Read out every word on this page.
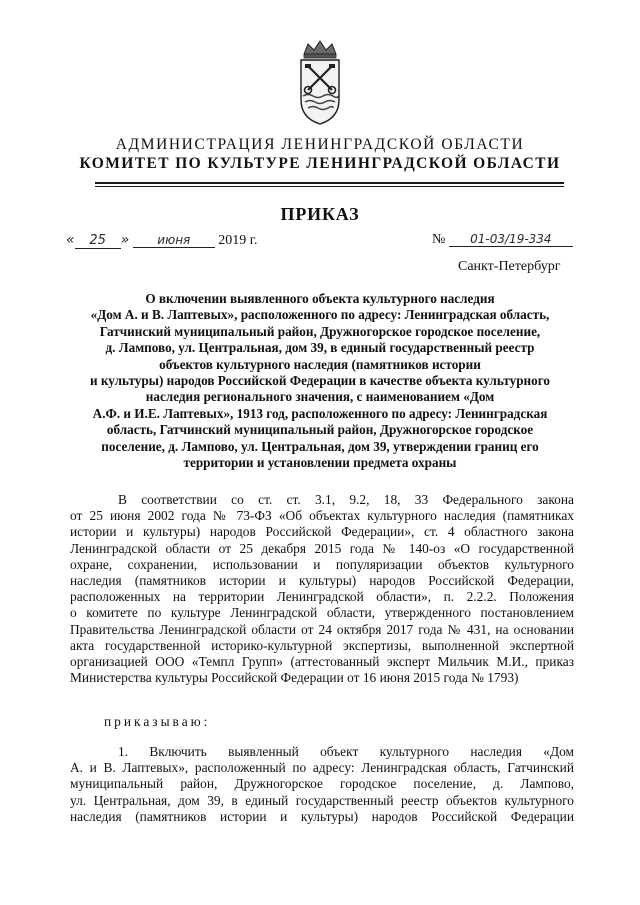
АДМИНИСТРАЦИЯ ЛЕНИНГРАДСКОЙ ОБЛАСТИ
КОМИТЕТ ПО КУЛЬТУРЕ ЛЕНИНГРАДСКОЙ ОБЛАСТИ
ПРИКАЗ
« 25 » июня 2019 г.	№ 01-03/19-334
Санкт-Петербург
О включении выявленного объекта культурного наследия
«Дом А. и В. Лаптевых», расположенного по адресу: Ленинградская область,
Гатчинский муниципальный район, Дружногорское городское поселение,
д. Лампово, ул. Центральная, дом 39, в единый государственный реестр
объектов культурного наследия (памятников истории
и культуры) народов Российской Федерации в качестве объекта культурного
наследия регионального значения, с наименованием «Дом
А.Ф. и И.Е. Лаптевых», 1913 год, расположенного по адресу: Ленинградская
область, Гатчинский муниципальный район, Дружногорское городское
поселение, д. Лампово, ул. Центральная, дом 39, утверждении границ его
территории и установлении предмета охраны
В соответствии со ст. ст. 3.1, 9.2, 18, 33 Федерального закона
от 25 июня 2002 года № 73-ФЗ «Об объектах культурного наследия (памятниках
истории и культуры) народов Российской Федерации», ст. 4 областного закона
Ленинградской области от 25 декабря 2015 года № 140-оз «О государственной
охране, сохранении, использовании и популяризации объектов культурного
наследия (памятников истории и культуры) народов Российской Федерации,
расположенных на территории Ленинградской области», п. 2.2.2. Положения
о комитете по культуре Ленинградской области, утвержденного постановлением
Правительства Ленинградской области от 24 октября 2017 года № 431, на основании
акта государственной историко-культурной экспертизы, выполненной экспертной
организацией ООО «Темпл Групп» (аттестованный эксперт Мильчик М.И., приказ
Министерства культуры Российской Федерации от 16 июня 2015 года № 1793)
приказываю:
1. Включить выявленный объект культурного наследия «Дом
А. и В. Лаптевых», расположенный по адресу: Ленинградская область, Гатчинский
муниципальный район, Дружногорское городское поселение, д. Лампово,
ул. Центральная, дом 39, в единый государственный реестр объектов культурного
наследия (памятников истории и культуры) народов Российской Федерации
